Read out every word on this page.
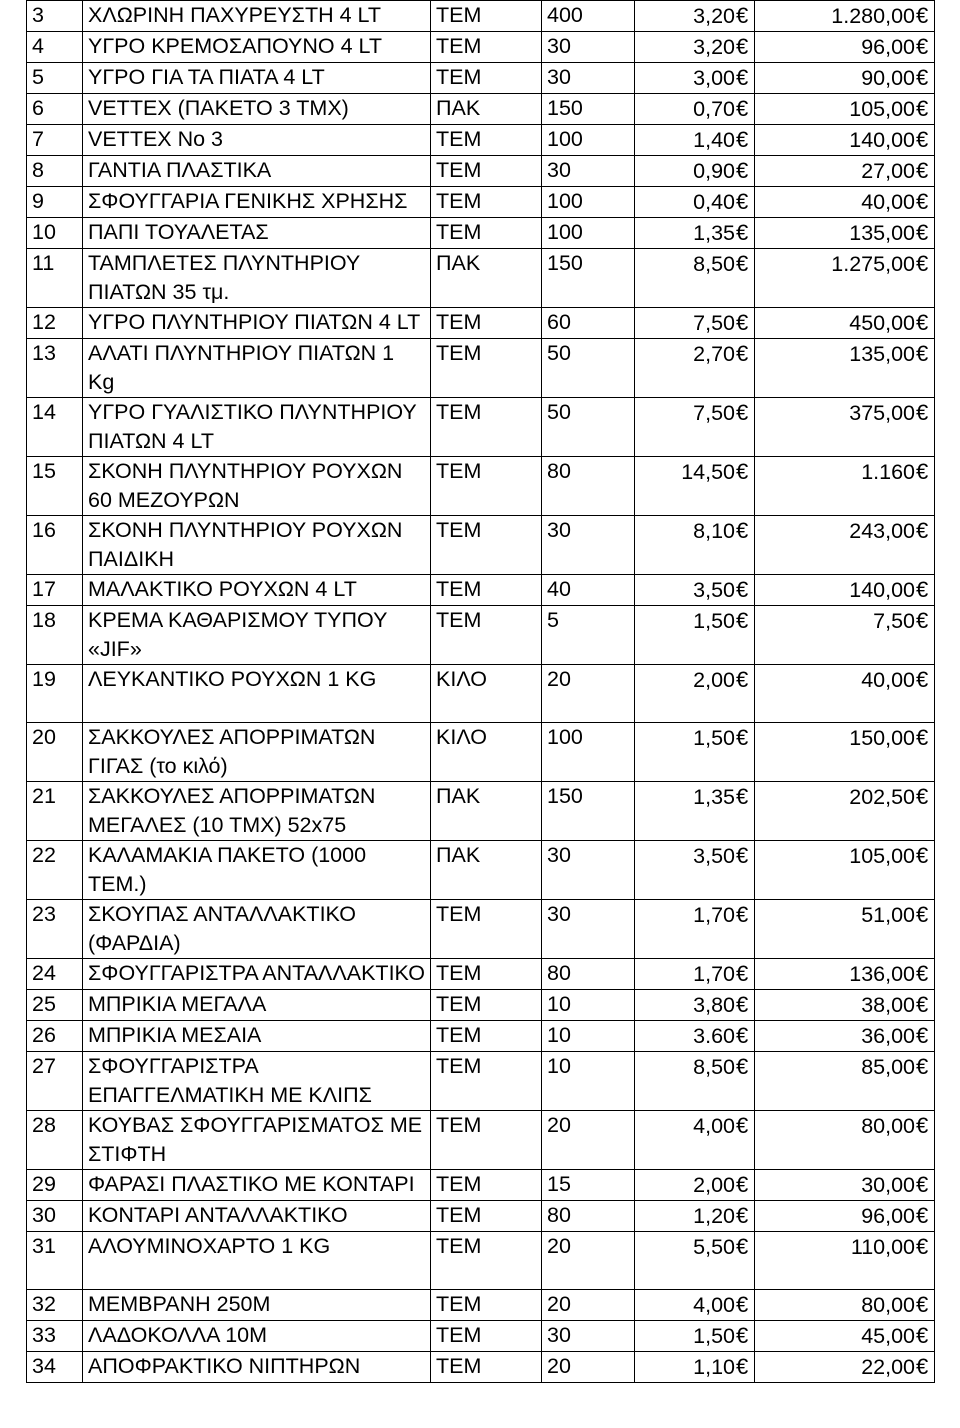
3	ΧΛΩΡΙΝΗ ΠΑΧΥΡΕΥΣΤΗ 4 LT	ΤΕΜ	400	3,20€	1.280,00€
4	ΥΓΡΟ ΚΡΕΜΟΣΑΠΟΥΝΟ 4 LT	ΤΕΜ	30	3,20€	96,00€
5	ΥΓΡΟ ΓΙΑ ΤΑ ΠΙΑΤΑ 4 LT	ΤΕΜ	30	3,00€	90,00€
6	VETTEX (ΠΑΚΕΤΟ 3 ΤΜΧ)	ΠΑΚ	150	0,70€	105,00€
7	VETTEX No 3	ΤΕΜ	100	1,40€	140,00€
8	ΓΑΝΤΙΑ ΠΛΑΣΤΙΚΑ	ΤΕΜ	30	0,90€	27,00€
9	ΣΦΟΥΓΓΑΡΙΑ ΓΕΝΙΚΗΣ ΧΡΗΣΗΣ	ΤΕΜ	100	0,40€	40,00€
10	ΠΑΠΙ ΤΟΥΑΛΕΤΑΣ	ΤΕΜ	100	1,35€	135,00€
11	ΤΑΜΠΛΕΤΕΣ ΠΛΥΝΤΗΡΙΟΥ ΠΙΑΤΩΝ 35 τμ.	ΠΑΚ	150	8,50€	1.275,00€
12	ΥΓΡΟ ΠΛΥΝΤΗΡΙΟΥ ΠΙΑΤΩΝ 4 LT	ΤΕΜ	60	7,50€	450,00€
13	ΑΛΑΤΙ ΠΛΥΝΤΗΡΙΟΥ ΠΙΑΤΩΝ 1 Kg	ΤΕΜ	50	2,70€	135,00€
14	ΥΓΡΟ ΓΥΑΛΙΣΤΙΚΟ ΠΛΥΝΤΗΡΙΟΥ ΠΙΑΤΩΝ 4 LT	ΤΕΜ	50	7,50€	375,00€
15	ΣΚΟΝΗ ΠΛΥΝΤΗΡΙΟΥ ΡΟΥΧΩΝ 60 ΜΕΖΟΥΡΩΝ	ΤΕΜ	80	14,50€	1.160€
16	ΣΚΟΝΗ ΠΛΥΝΤΗΡΙΟΥ ΡΟΥΧΩΝ ΠΑΙΔΙΚΗ	ΤΕΜ	30	8,10€	243,00€
17	ΜΑΛΑΚΤΙΚΟ ΡΟΥΧΩΝ 4 LT	ΤΕΜ	40	3,50€	140,00€
18	ΚΡΕΜΑ ΚΑΘΑΡΙΣΜΟΥ ΤΥΠΟΥ «JIF»	ΤΕΜ	5	1,50€	7,50€
19	ΛΕΥΚΑΝΤΙΚΟ ΡΟΥΧΩΝ 1 KG	ΚΙΛΟ	20	2,00€	40,00€
20	ΣΑΚΚΟΥΛΕΣ ΑΠΟΡΡΙΜΑΤΩΝ ΓΙΓΑΣ (το κιλό)	ΚΙΛΟ	100	1,50€	150,00€
21	ΣΑΚΚΟΥΛΕΣ ΑΠΟΡΡΙΜΑΤΩΝ ΜΕΓΑΛΕΣ (10 ΤΜΧ) 52x75	ΠΑΚ	150	1,35€	202,50€
22	ΚΑΛΑΜΑΚΙΑ ΠΑΚΕΤΟ (1000 ΤΕΜ.)	ΠΑΚ	30	3,50€	105,00€
23	ΣΚΟΥΠΑΣ ΑΝΤΑΛΛΑΚΤΙΚΟ (ΦΑΡΔΙΑ)	ΤΕΜ	30	1,70€	51,00€
24	ΣΦΟΥΓΓΑΡΙΣΤΡΑ ΑΝΤΑΛΛΑΚΤΙΚΟ	ΤΕΜ	80	1,70€	136,00€
25	ΜΠΡΙΚΙΑ ΜΕΓΑΛΑ	ΤΕΜ	10	3,80€	38,00€
26	ΜΠΡΙΚΙΑ ΜΕΣΑΙΑ	ΤΕΜ	10	3.60€	36,00€
27	ΣΦΟΥΓΓΑΡΙΣΤΡΑ ΕΠΑΓΓΕΛΜΑΤΙΚΗ ΜΕ ΚΛΙΠΣ	ΤΕΜ	10	8,50€	85,00€
28	ΚΟΥΒΑΣ ΣΦΟΥΓΓΑΡΙΣΜΑΤΟΣ ΜΕ ΣΤΙΦΤΗ	ΤΕΜ	20	4,00€	80,00€
29	ΦΑΡΑΣΙ ΠΛΑΣΤΙΚΟ ΜΕ ΚΟΝΤΑΡΙ	ΤΕΜ	15	2,00€	30,00€
30	ΚΟΝΤΑΡΙ ΑΝΤΑΛΛΑΚΤΙΚΟ	ΤΕΜ	80	1,20€	96,00€
31	ΑΛΟΥΜΙΝΟΧΑΡΤΟ 1 KG	ΤΕΜ	20	5,50€	110,00€
32	ΜΕΜΒΡΑΝΗ 250Μ	ΤΕΜ	20	4,00€	80,00€
33	ΛΑΔΟΚΟΛΛΑ 10Μ	ΤΕΜ	30	1,50€	45,00€
34	ΑΠΟΦΡΑΚΤΙΚΟ ΝΙΠΤΗΡΩΝ	ΤΕΜ	20	1,10€	22,00€
